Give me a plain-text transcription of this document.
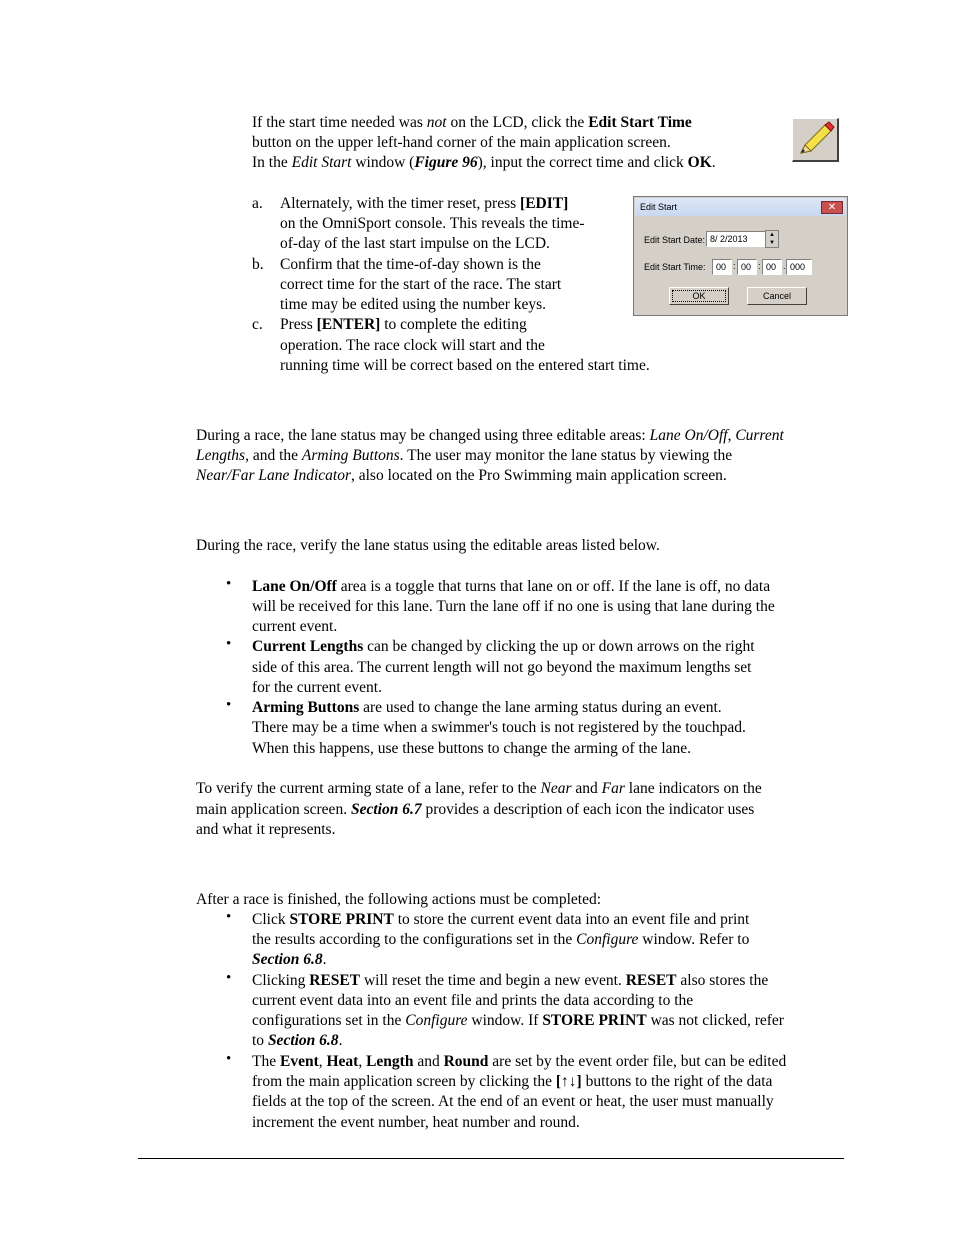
If the start time needed was not on the LCD, click the Edit Start Time
button on the upper left-hand corner of the main application screen.
In the Edit Start window (Figure 96), input the correct time and click OK.
a. Alternately, with the timer reset, press [EDIT]
on the OmniSport console. This reveals the time-
of-day of the last start impulse on the LCD.
b. Confirm that the time-of-day shown is the
correct time for the start of the race. The start
time may be edited using the number keys.
c. Press [ENTER] to complete the editing
operation. The race clock will start and the
running time will be correct based on the entered start time.
Edit Start	✕
Edit Start Date: 8/ 2/2013	▲
▼
Edit Start Time:	00 : 00 : 00 . 000
OK	Cancel
During a race, the lane status may be changed using three editable areas: Lane On/Off, Current
Lengths, and the Arming Buttons. The user may monitor the lane status by viewing the
Near/Far Lane Indicator, also located on the Pro Swimming main application screen.
During the race, verify the lane status using the editable areas listed below.
•
Lane On/Off area is a toggle that turns that lane on or off. If the lane is off, no data
will be received for this lane. Turn the lane off if no one is using that lane during the
current event.
•
Current Lengths can be changed by clicking the up or down arrows on the right
side of this area. The current length will not go beyond the maximum lengths set
for the current event.
•
Arming Buttons are used to change the lane arming status during an event.
There may be a time when a swimmer's touch is not registered by the touchpad.
When this happens, use these buttons to change the arming of the lane.
To verify the current arming state of a lane, refer to the Near and Far lane indicators on the
main application screen. Section 6.7 provides a description of each icon the indicator uses
and what it represents.
After a race is finished, the following actions must be completed:
•
Click STORE PRINT to store the current event data into an event file and print
the results according to the configurations set in the Configure window. Refer to
Section 6.8.
•
Clicking RESET will reset the time and begin a new event. RESET also stores the
current event data into an event file and prints the data according to the
configurations set in the Configure window. If STORE PRINT was not clicked, refer
to Section 6.8.
•
The Event, Heat, Length and Round are set by the event order file, but can be edited
from the main application screen by clicking the [↑↓] buttons to the right of the data
fields at the top of the screen. At the end of an event or heat, the user must manually
increment the event number, heat number and round.
